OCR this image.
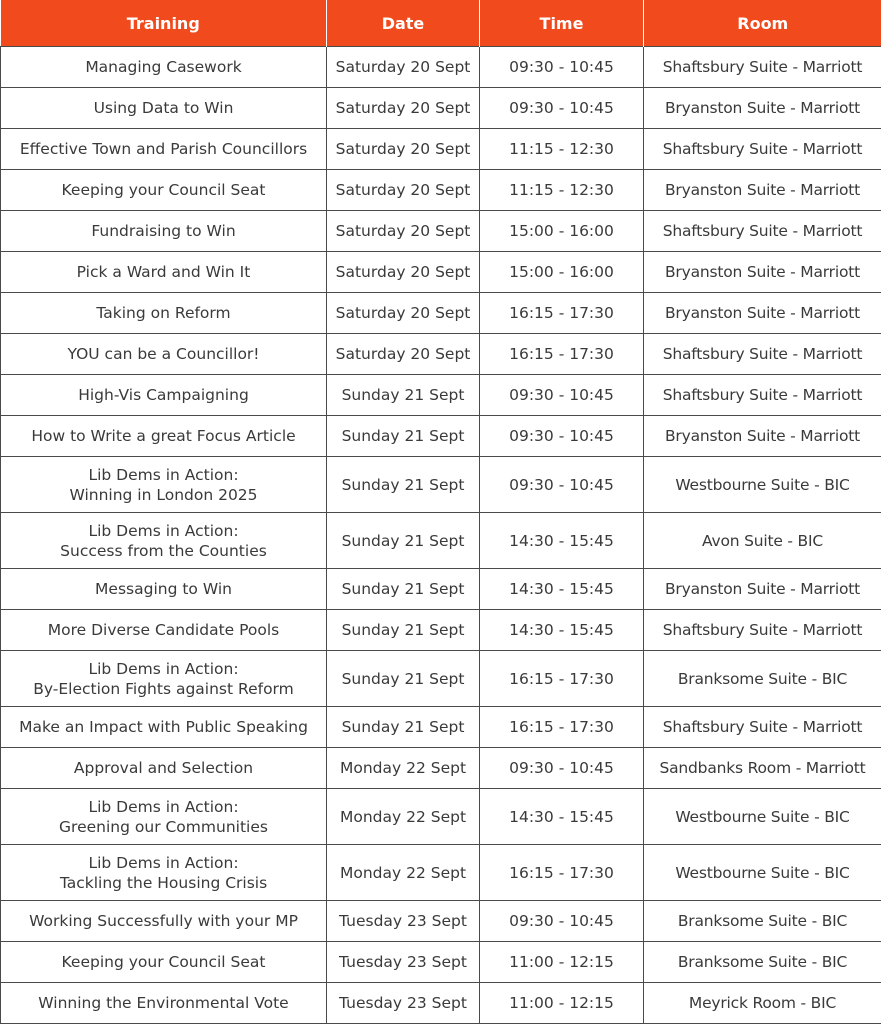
Training	Date	Time	Room

Managing Casework	Saturday 20 Sept	09:30 - 10:45	Shaftsbury Suite - Marriott

Using Data to Win	Saturday 20 Sept	09:30 - 10:45	Bryanston Suite - Marriott

Effective Town and Parish Councillors	Saturday 20 Sept	11:15 - 12:30	Shaftsbury Suite - Marriott

Keeping your Council Seat	Saturday 20 Sept	11:15 - 12:30	Bryanston Suite - Marriott

Fundraising to Win	Saturday 20 Sept	15:00 - 16:00	Shaftsbury Suite - Marriott

Pick a Ward and Win It	Saturday 20 Sept	15:00 - 16:00	Bryanston Suite - Marriott

Taking on Reform	Saturday 20 Sept	16:15 - 17:30	Bryanston Suite - Marriott

YOU can be a Councillor!	Saturday 20 Sept	16:15 - 17:30	Shaftsbury Suite - Marriott

High-Vis Campaigning	Sunday 21 Sept	09:30 - 10:45	Shaftsbury Suite - Marriott

How to Write a great Focus Article	Sunday 21 Sept	09:30 - 10:45	Bryanston Suite - Marriott

Lib Dems in Action:
Winning in London 2025	Sunday 21 Sept	09:30 - 10:45	Westbourne Suite - BIC

Lib Dems in Action:
Success from the Counties	Sunday 21 Sept	14:30 - 15:45	Avon Suite - BIC

Messaging to Win	Sunday 21 Sept	14:30 - 15:45	Bryanston Suite - Marriott

More Diverse Candidate Pools	Sunday 21 Sept	14:30 - 15:45	Shaftsbury Suite - Marriott

Lib Dems in Action:
By-Election Fights against Reform	Sunday 21 Sept	16:15 - 17:30	Branksome Suite - BIC

Make an Impact with Public Speaking	Sunday 21 Sept	16:15 - 17:30	Shaftsbury Suite - Marriott

Approval and Selection	Monday 22 Sept	09:30 - 10:45	Sandbanks Room - Marriott

Lib Dems in Action:
Greening our Communities	Monday 22 Sept	14:30 - 15:45	Westbourne Suite - BIC

Lib Dems in Action:
Tackling the Housing Crisis	Monday 22 Sept	16:15 - 17:30	Westbourne Suite - BIC

Working Successfully with your MP	Tuesday 23 Sept	09:30 - 10:45	Branksome Suite - BIC

Keeping your Council Seat	Tuesday 23 Sept	11:00 - 12:15	Branksome Suite - BIC

Winning the Environmental Vote	Tuesday 23 Sept	11:00 - 12:15	Meyrick Room - BIC
